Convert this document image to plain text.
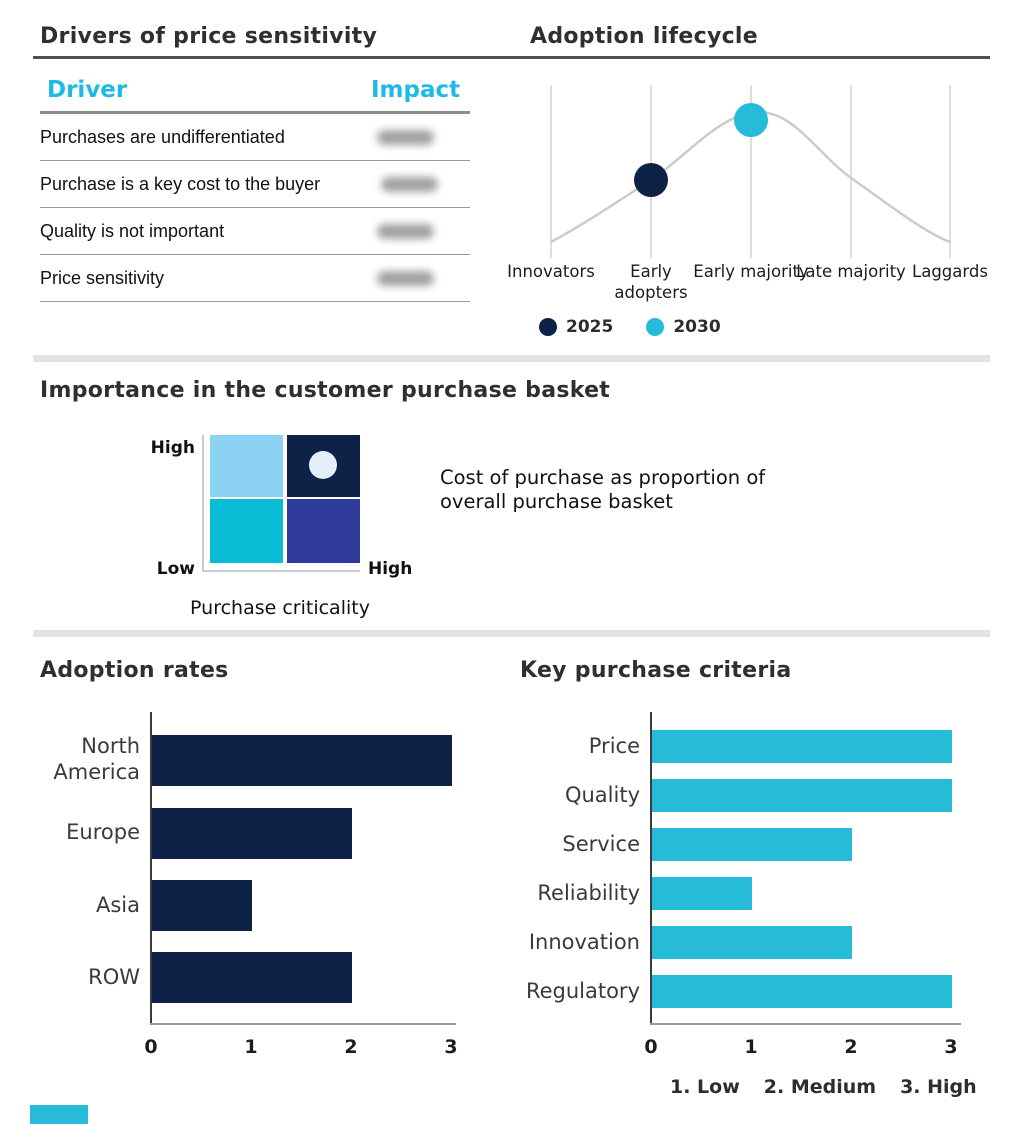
Drivers of price sensitivity
Driver	Impact
Purchases are undifferentiated
Purchase is a key cost to the buyer
Quality is not important
Price sensitivity
Adoption lifecycle
Innovators	Early adopters
Early majority
Late majority Laggards
2025	2030
Importance in the customer purchase basket
High
Low	High
Purchase criticality
Cost of purchase as proportion of overall purchase basket
Adoption rates
North America
Europe
Asia
ROW
0	1	2	3
Key purchase criteria
Price
Quality
Service
Reliability
Innovation
Regulatory
0	1	2	3
1. Low 2. Medium 3. High
